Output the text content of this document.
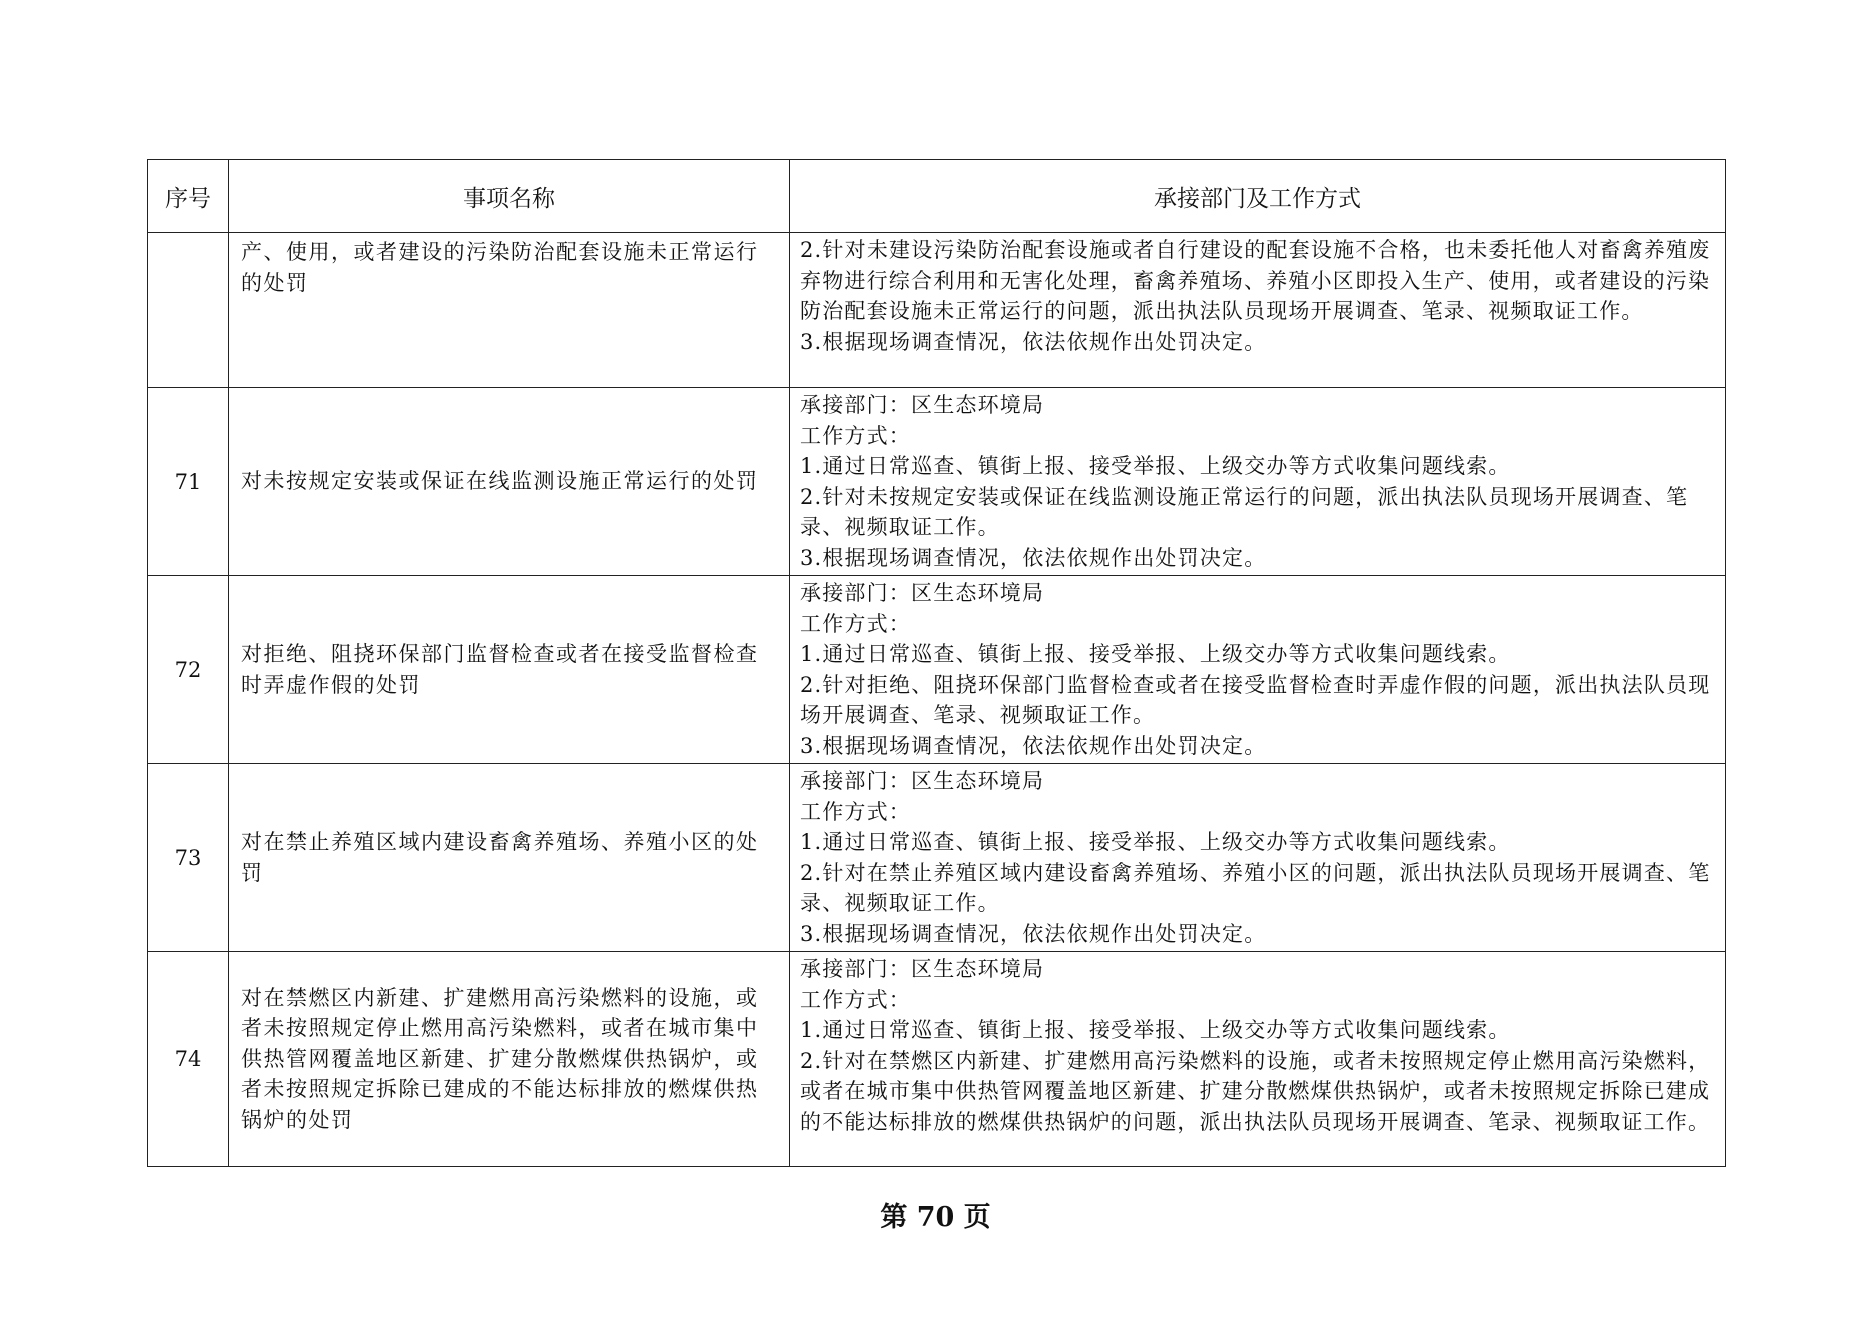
序号	事项名称	承接部门及工作方式
	产、使用，或者建设的污染防治配套设施未正常运行的处罚	2.针对未建设污染防治配套设施或者自行建设的配套设施不合格，也未委托他人对畜禽养殖废弃物进行综合利用和无害化处理，畜禽养殖场、养殖小区即投入生产、使用，或者建设的污染防治配套设施未正常运行的问题，派出执法队员现场开展调查、笔录、视频取证工作。
3.根据现场调查情况，依法依规作出处罚决定。

71	对未按规定安装或保证在线监测设施正常运行的处罚	承接部门：区生态环境局
工作方式：
1.通过日常巡查、镇街上报、接受举报、上级交办等方式收集问题线索。
2.针对未按规定安装或保证在线监测设施正常运行的问题，派出执法队员现场开展调查、笔录、视频取证工作。
3.根据现场调查情况，依法依规作出处罚决定。

72	对拒绝、阻挠环保部门监督检查或者在接受监督检查时弄虚作假的处罚	承接部门：区生态环境局
工作方式：
1.通过日常巡查、镇街上报、接受举报、上级交办等方式收集问题线索。
2.针对拒绝、阻挠环保部门监督检查或者在接受监督检查时弄虚作假的问题，派出执法队员现场开展调查、笔录、视频取证工作。
3.根据现场调查情况，依法依规作出处罚决定。

73	对在禁止养殖区域内建设畜禽养殖场、养殖小区的处罚	承接部门：区生态环境局
工作方式：
1.通过日常巡查、镇街上报、接受举报、上级交办等方式收集问题线索。
2.针对在禁止养殖区域内建设畜禽养殖场、养殖小区的问题，派出执法队员现场开展调查、笔录、视频取证工作。
3.根据现场调查情况，依法依规作出处罚决定。

74	对在禁燃区内新建、扩建燃用高污染燃料的设施，或者未按照规定停止燃用高污染燃料，或者在城市集中供热管网覆盖地区新建、扩建分散燃煤供热锅炉，或者未按照规定拆除已建成的不能达标排放的燃煤供热锅炉的处罚	承接部门：区生态环境局
工作方式：
1.通过日常巡查、镇街上报、接受举报、上级交办等方式收集问题线索。
2.针对在禁燃区内新建、扩建燃用高污染燃料的设施，或者未按照规定停止燃用高污染燃料，或者在城市集中供热管网覆盖地区新建、扩建分散燃煤供热锅炉，或者未按照规定拆除已建成的不能达标排放的燃煤供热锅炉的问题，派出执法队员现场开展调查、笔录、视频取证工作。
第 70 页
